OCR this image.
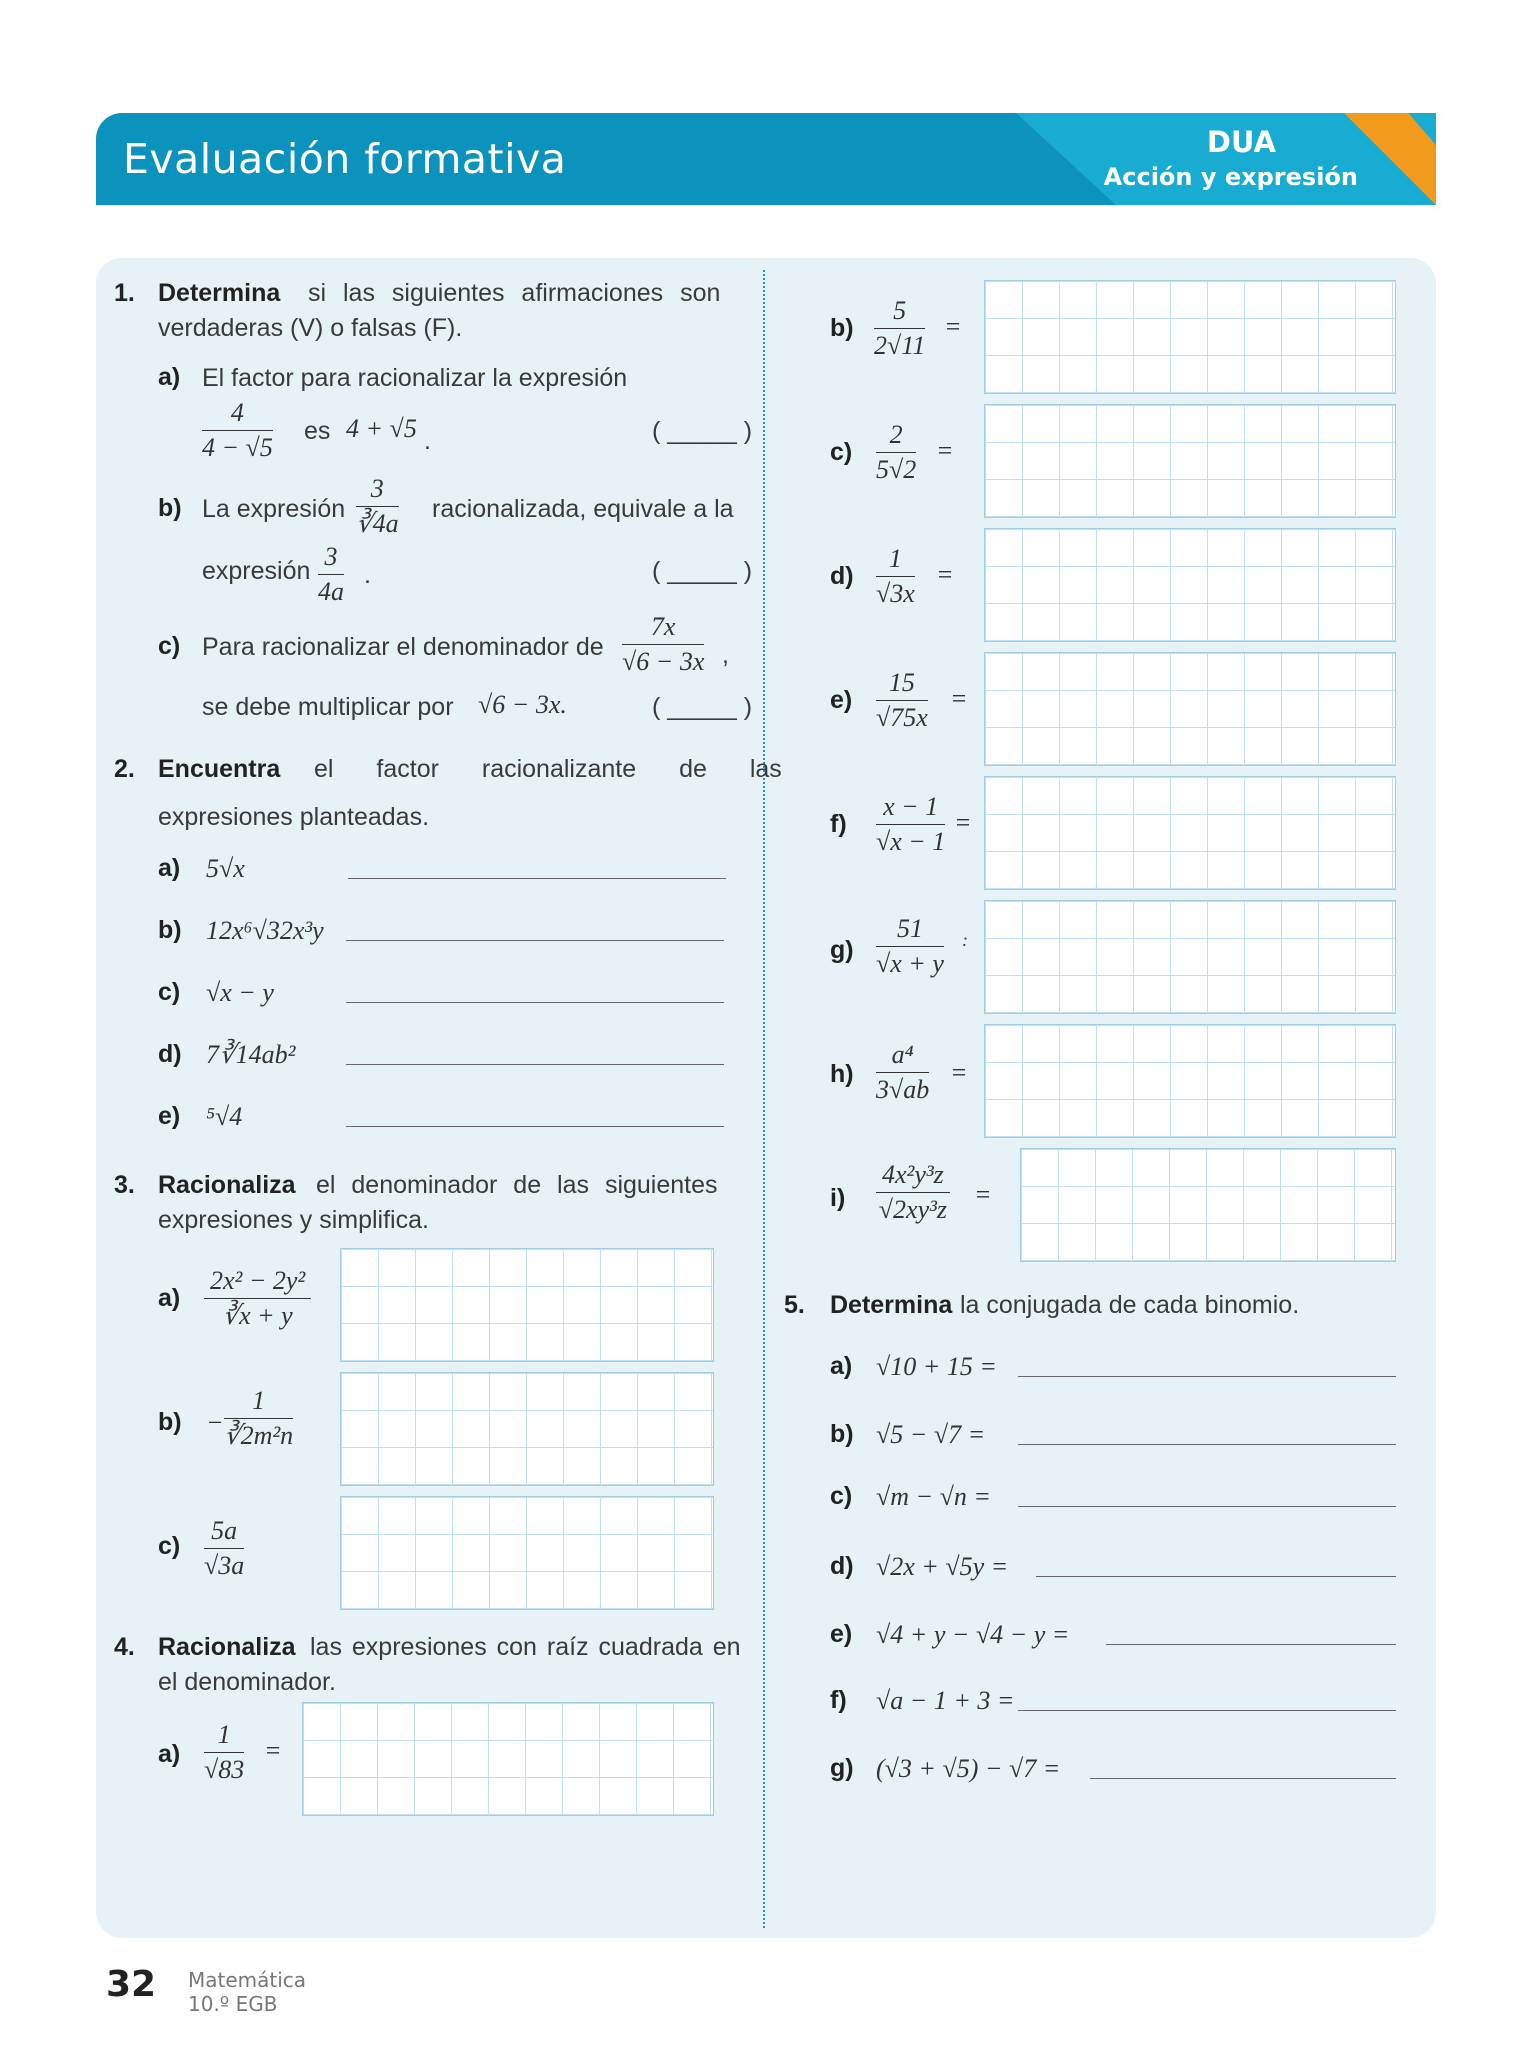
Evaluación formativa	DUA
Acción y expresión
1. Determina si las siguientes afirmaciones son
verdaderas (V) o falsas (F).
a) El factor para racionalizar la expresión
$\frac{4}{4 - √5}$ es 4 + √5 .	( _____ )
b) La expresión $\frac{3}{∛4a}$ racionalizada, equivale a la
expresión $\frac{3}{4a}$ .	( _____ )
c) Para racionalizar el denominador de $\frac{7x}{√6 - 3x}$ ,
se debe multiplicar por √6 − 3x.	( _____ )
2. Encuentra el factor racionalizante de las
expresiones planteadas.
a) 5√x
b) 12x⁶√32x³y
c) √x − y
d) 7∛14ab²
e) ⁵√4
3. Racionaliza el denominador de las siguientes
expresiones y simplifica.
$a) \frac{\text{2x² − 2y²}}{∛x + y}$
$b) - \frac{1}{\text{∛2m²n}}$
$c) \frac{5a}{√3a}$
4. Racionaliza las expresiones con raíz cuadrada en
el denominador.
$a) \frac{1}{√83}$ =
$b) \frac{5}{2√11}$ =
$c) \frac{2}{5√2}$ =
$d) \frac{1}{√3x}$ =
$e) \frac{15}{√75x}$ =
$f) \frac{x - 1}{√x - 1}$ =
$g) \frac{51}{√x + y}$ :
$h) \frac{\text{a⁴}}{3√ab}$ =
$i) \frac{\text{4x²y³z}}{\text{√2xy³z}}$ =
5. Determina la conjugada de cada binomio.
a) √10 + 15 =
b) √5 − √7 =
c) √m − √n =
d) √2x + √5y =
e) √4 + y − √4 − y =
f) √a − 1 + 3 =
g) (√3 + √5) − √7 =
32 Matemática
10.º EGB
